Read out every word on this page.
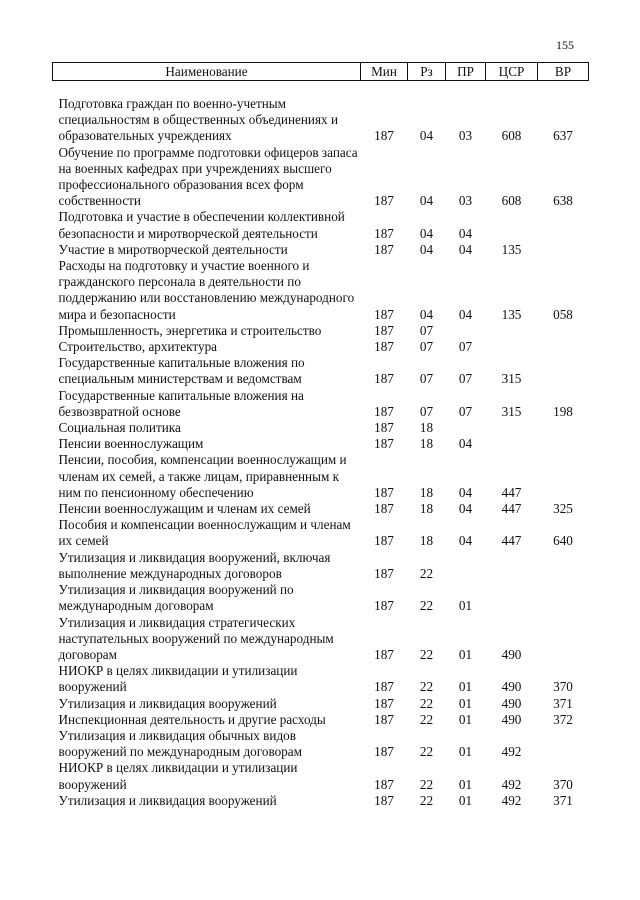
155
Наименование	Мин	Рз	ПР	ЦСР	ВР

Подготовка граждан по военно-учетным специальностям в общественных объединениях и образовательных учреждениях	187	04	03	608	637
Обучение по программе подготовки офицеров запаса на военных кафедрах при учреждениях высшего профессионального образования всех форм собственности	187	04	03	608	638
Подготовка и участие в обеспечении коллективной безопасности и миротворческой деятельности	187	04	04		
Участие в миротворческой деятельности	187	04	04	135	
Расходы на подготовку и участие военного и гражданского персонала в деятельности по поддержанию или восстановлению международного мира и безопасности	187	04	04	135	058
Промышленность, энергетика и строительство	187	07			
Строительство, архитектура	187	07	07		
Государственные капитальные вложения по специальным министерствам и ведомствам	187	07	07	315	
Государственные капитальные вложения на безвозвратной основе	187	07	07	315	198
Социальная политика	187	18			
Пенсии военнослужащим	187	18	04		
Пенсии, пособия, компенсации военнослужащим и членам их семей, а также лицам, приравненным к ним по пенсионному обеспечению	187	18	04	447	
Пенсии военнослужащим и членам их семей	187	18	04	447	325
Пособия и компенсации военнослужащим и членам их семей	187	18	04	447	640
Утилизация и ликвидация вооружений, включая выполнение международных договоров	187	22			
Утилизация и ликвидация вооружений по международным договорам	187	22	01		
Утилизация и ликвидация стратегических наступательных вооружений по международным договорам	187	22	01	490	
НИОКР в целях ликвидации и утилизации вооружений	187	22	01	490	370
Утилизация и ликвидация вооружений	187	22	01	490	371
Инспекционная деятельность и другие расходы	187	22	01	490	372
Утилизация и ликвидация обычных видов вооружений по международным договорам	187	22	01	492	
НИОКР в целях ликвидации и утилизации вооружений	187	22	01	492	370
Утилизация и ликвидация вооружений	187	22	01	492	371
